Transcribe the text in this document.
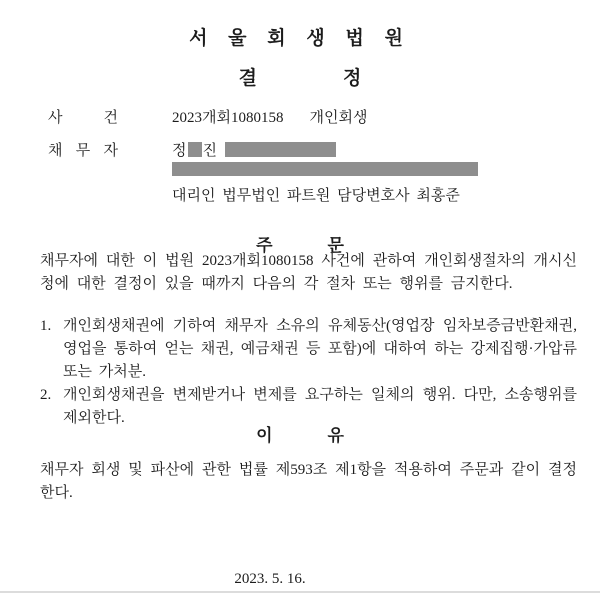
서 울 회 생 법 원
결	정
사 건	2023개회1080158 개인회생
채 무 자	정 진
대리인 법무법인 파트원 담당변호사 최홍준
주	문
채무자에 대한 이 법원 2023개회1080158 사건에 관하여 개인회생절차의 개시신청에 대한 결정이 있을 때까지 다음의 각 절차 또는 행위를 금지한다.
1. 개인회생채권에 기하여 채무자 소유의 유체동산(영업장 임차보증금반환채권, 영업을 통하여 얻는 채권, 예금채권 등 포함)에 대하여 하는 강제집행·가압류 또는 가처분.
2. 개인회생채권을 변제받거나 변제를 요구하는 일체의 행위. 다만, 소송행위를 제외한다.
이	유
채무자 회생 및 파산에 관한 법률 제593조 제1항을 적용하여 주문과 같이 결정한다.
2023. 5. 16.
